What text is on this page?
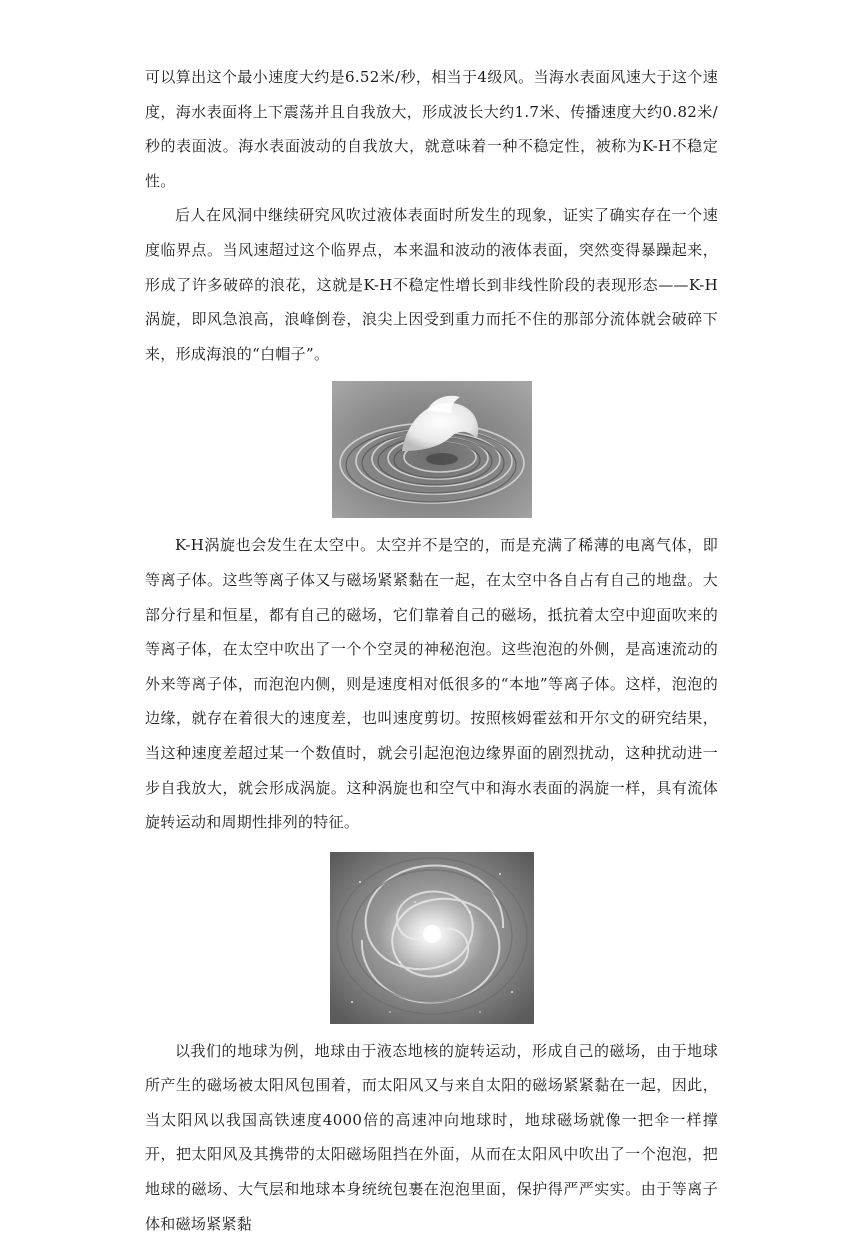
可以算出这个最小速度大约是6.52米/秒，相当于4级风。当海水表面风速大于这个速度，海水表面将上下震荡并且自我放大，形成波长大约1.7米、传播速度大约0.82米/秒的表面波。海水表面波动的自我放大，就意味着一种不稳定性，被称为K-H不稳定性。

后人在风洞中继续研究风吹过液体表面时所发生的现象，证实了确实存在一个速度临界点。当风速超过这个临界点，本来温和波动的液体表面，突然变得暴躁起来，形成了许多破碎的浪花，这就是K-H不稳定性增长到非线性阶段的表现形态——K-H涡旋，即风急浪高，浪峰倒卷，浪尖上因受到重力而托不住的那部分流体就会破碎下来，形成海浪的“白帽子”。

K-H涡旋也会发生在太空中。太空并不是空的，而是充满了稀薄的电离气体，即等离子体。这些等离子体又与磁场紧紧黏在一起，在太空中各自占有自己的地盘。大部分行星和恒星，都有自己的磁场，它们靠着自己的磁场，抵抗着太空中迎面吹来的等离子体，在太空中吹出了一个个空灵的神秘泡泡。这些泡泡的外侧，是高速流动的外来等离子体，而泡泡内侧，则是速度相对低很多的“本地”等离子体。这样，泡泡的边缘，就存在着很大的速度差，也叫速度剪切。按照核姆霍兹和开尔文的研究结果，当这种速度差超过某一个数值时，就会引起泡泡边缘界面的剧烈扰动，这种扰动进一步自我放大，就会形成涡旋。这种涡旋也和空气中和海水表面的涡旋一样，具有流体旋转运动和周期性排列的特征。

以我们的地球为例，地球由于液态地核的旋转运动，形成自己的磁场，由于地球所产生的磁场被太阳风包围着，而太阳风又与来自太阳的磁场紧紧黏在一起，因此，当太阳风以我国高铁速度4000倍的高速冲向地球时，地球磁场就像一把伞一样撑开，把太阳风及其携带的太阳磁场阻挡在外面，从而在太阳风中吹出了一个泡泡，把地球的磁场、大气层和地球本身统统包裹在泡泡里面，保护得严严实实。由于等离子体和磁场紧紧黏
